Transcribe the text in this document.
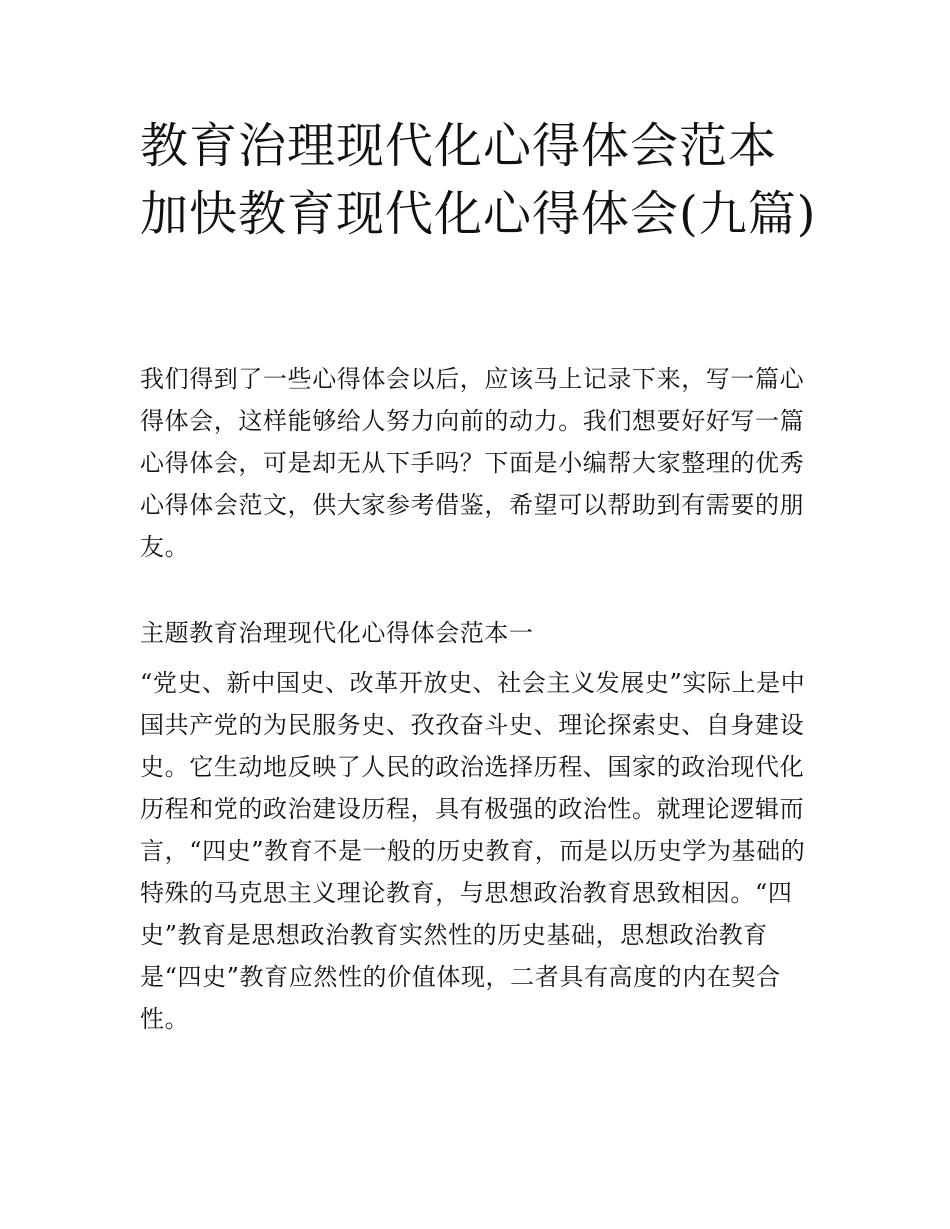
教育治理现代化心得体会范本加快教育现代化心得体会(九篇)

我们得到了一些心得体会以后，应该马上记录下来，写一篇心得体会，这样能够给人努力向前的动力。我们想要好好写一篇心得体会，可是却无从下手吗？下面是小编帮大家整理的优秀心得体会范文，供大家参考借鉴，希望可以帮助到有需要的朋友。

主题教育治理现代化心得体会范本一

“党史、新中国史、改革开放史、社会主义发展史”实际上是中国共产党的为民服务史、孜孜奋斗史、理论探索史、自身建设史。它生动地反映了人民的政治选择历程、国家的政治现代化历程和党的政治建设历程，具有极强的政治性。就理论逻辑而言，“四史”教育不是一般的历史教育，而是以历史学为基础的特殊的马克思主义理论教育，与思想政治教育思致相因。“四史”教育是思想政治教育实然性的历史基础，思想政治教育是“四史”教育应然性的价值体现，二者具有高度的内在契合性。
